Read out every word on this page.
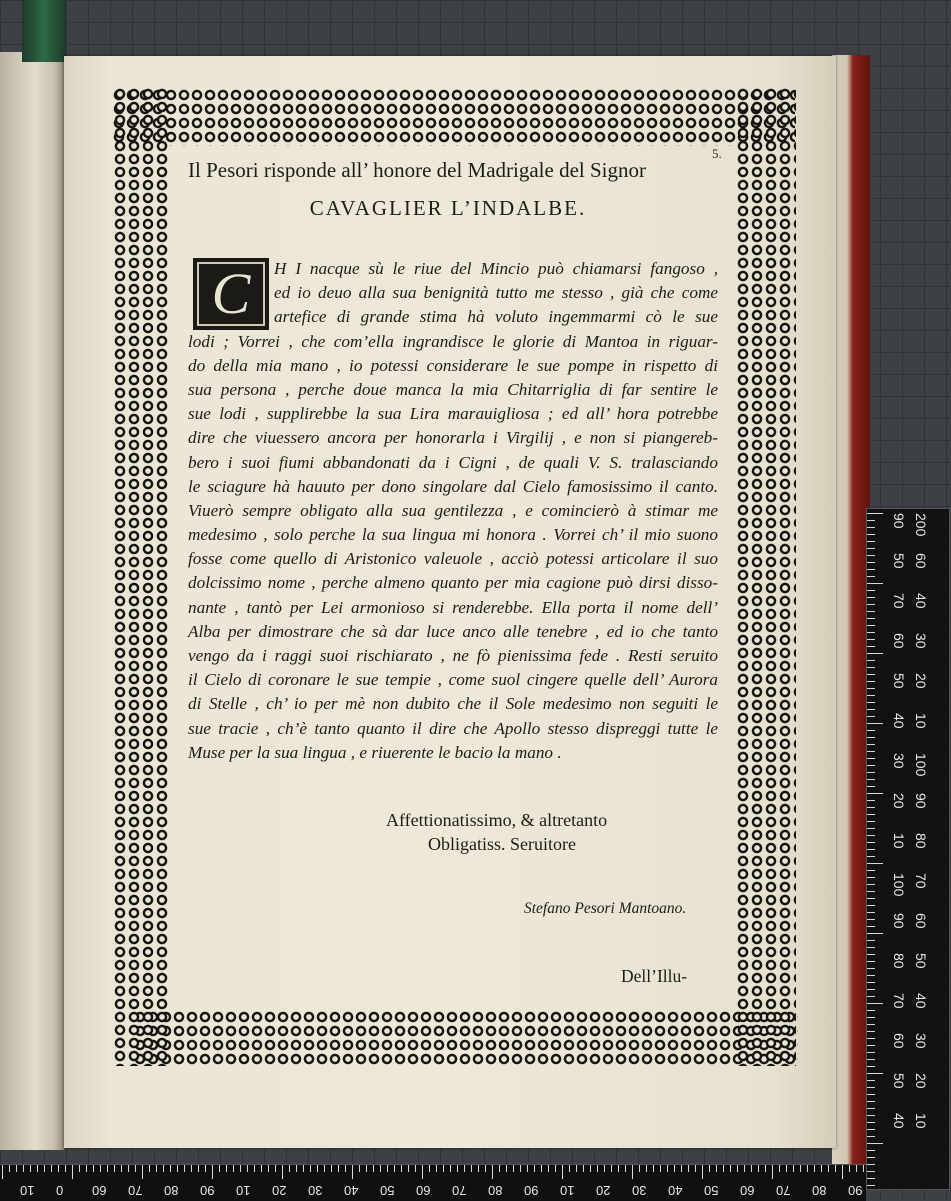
5.
Il Pesori risponde all’ honore del Madrigale del Signor
CAVAGLIER L’INDALBE.
C	H I nacque sù le riue del Mincio può chiamarsi fangoso ,
ed io deuo alla sua benignità tutto me stesso , già che come
artefice di grande stima hà voluto ingemmarmi cò le sue
lodi ; Vorrei , che com’ella ingrandisce le glorie di Mantoa in riguar-
do della mia mano , io potessi considerare le sue pompe in rispetto di
sua persona , perche doue manca la mia Chitarriglia di far sentire le
sue lodi , supplirebbe la sua Lira marauigliosa ; ed all’ hora potrebbe
dire che viuessero ancora per honorarla i Virgilij , e non si piangereb-
bero i suoi fiumi abbandonati da i Cigni , de quali V. S. tralasciando
le sciagure hà hauuto per dono singolare dal Cielo famosissimo il canto.
Viuerò sempre obligato alla sua gentilezza , e comincierò à stimar me
medesimo , solo perche la sua lingua mi honora . Vorrei ch’ il mio suono
fosse come quello di Aristonico valeuole , acciò potessi articolare il suo
dolcissimo nome , perche almeno quanto per mia cagione può dirsi disso-
nante , tantò per Lei armonioso si renderebbe. Ella porta il nome dell’
Alba per dimostrare che sà dar luce anco alle tenebre , ed io che tanto
vengo da i raggi suoi rischiarato , ne fò pienissima fede . Resti seruito
il Cielo di coronare le sue tempie , come suol cingere quelle dell’ Aurora
di Stelle , ch’ io per mè non dubito che il Sole medesimo non seguiti le
sue tracie , ch’è tanto quanto il dire che Apollo stesso dispreggi tutte le
Muse per la sua lingua , e riuerente le bacio la mano .
Affettionatissimo, & altretanto
Obligatiss. Seruitore
Stefano Pesori Mantoano.
Dell’Illu-
200
90
60
50
40
70
30
60
20
50
10
40
100
30
90
20
80
10
70
100
60
90
50
80
40
70
30
60
20
50
10
40
10 0 60 70 80 90 10 20 30 40 50 60 70 80 90 10 20 30 40 50 60 70 80 90
